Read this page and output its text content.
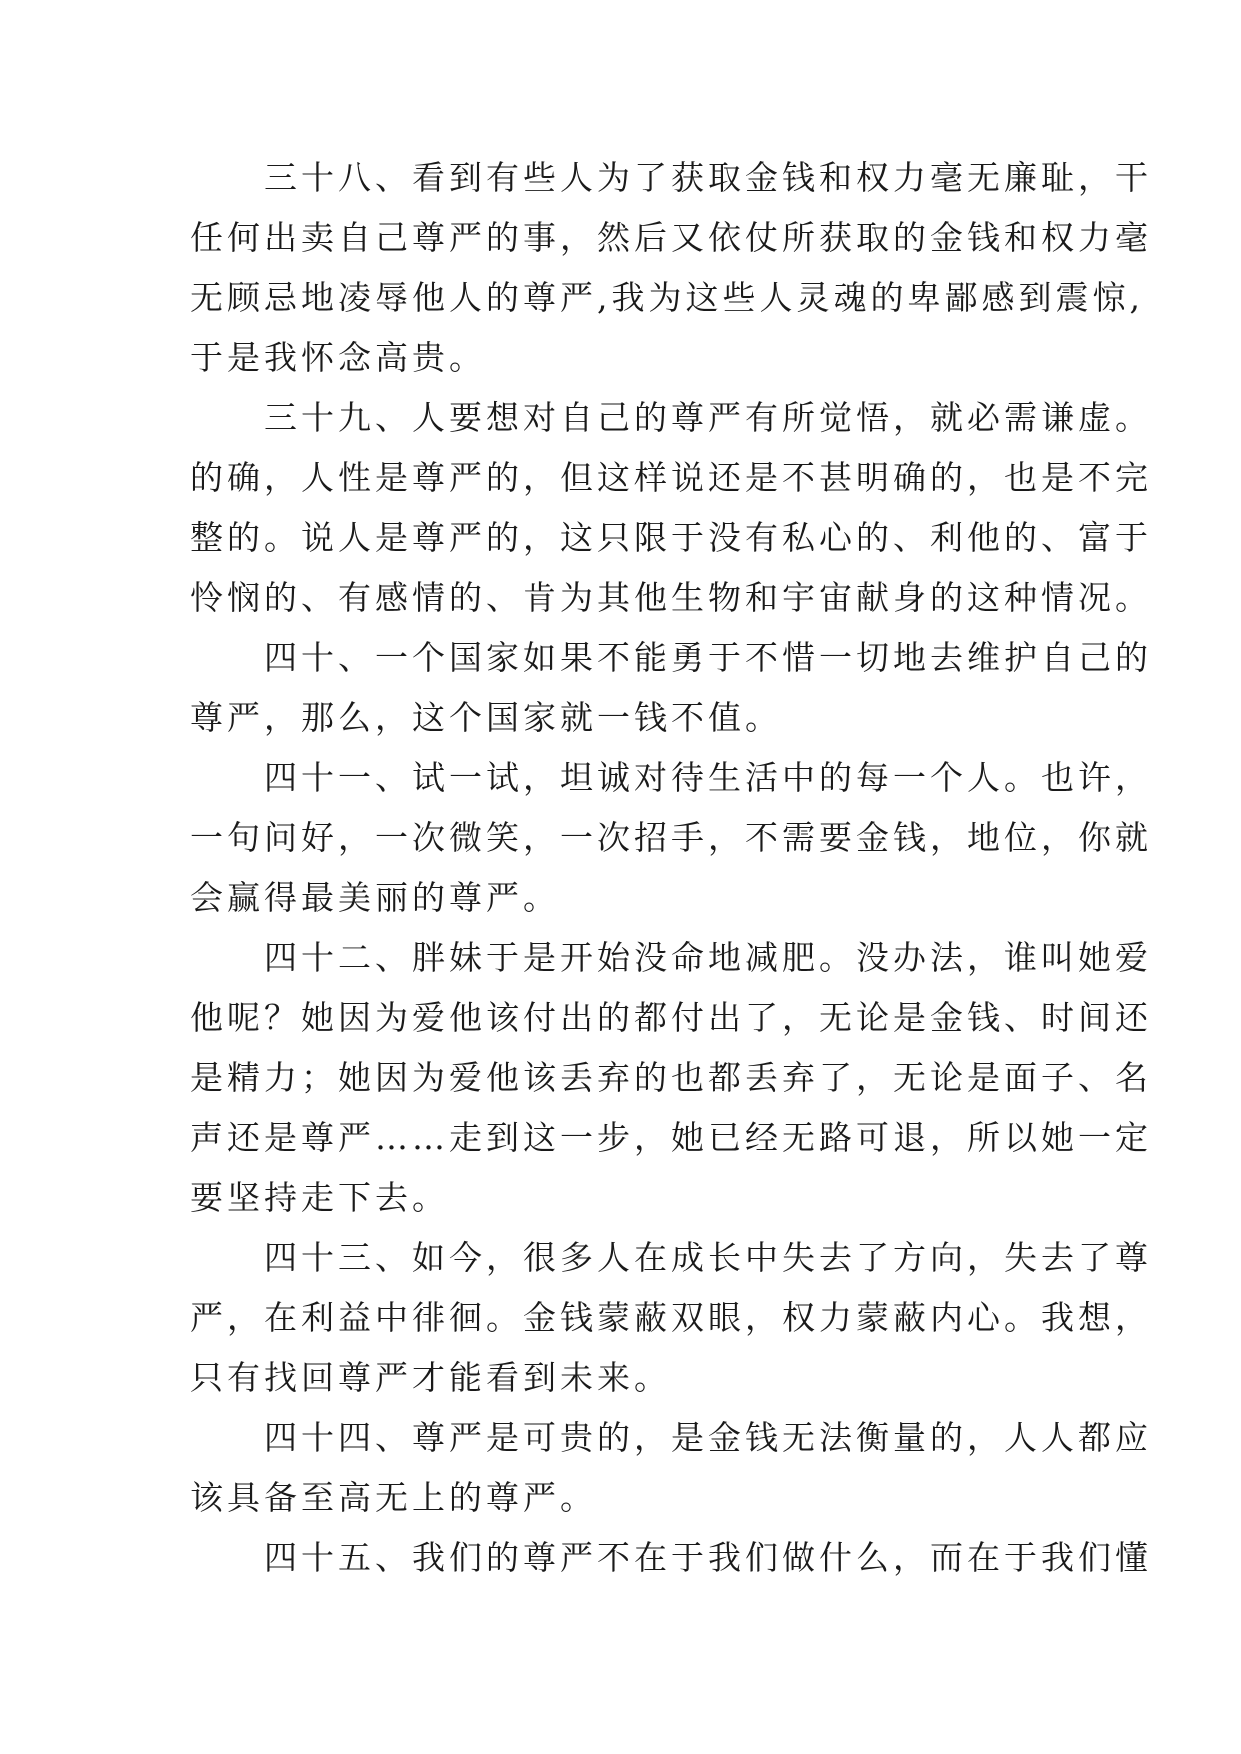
　　三十八、看到有些人为了获取金钱和权力毫无廉耻，干
任何出卖自己尊严的事，然后又依仗所获取的金钱和权力毫
无顾忌地凌辱他人的尊严,我为这些人灵魂的卑鄙感到震惊,
于是我怀念高贵。
　　三十九、人要想对自己的尊严有所觉悟，就必需谦虚。
的确，人性是尊严的，但这样说还是不甚明确的，也是不完
整的。说人是尊严的，这只限于没有私心的、利他的、富于
怜悯的、有感情的、肯为其他生物和宇宙献身的这种情况。
　　四十、一个国家如果不能勇于不惜一切地去维护自己的
尊严，那么，这个国家就一钱不值。
　　四十一、试一试，坦诚对待生活中的每一个人。也许，
一句问好，一次微笑，一次招手，不需要金钱，地位，你就
会赢得最美丽的尊严。
　　四十二、胖妹于是开始没命地减肥。没办法，谁叫她爱
他呢？她因为爱他该付出的都付出了，无论是金钱、时间还
是精力；她因为爱他该丢弃的也都丢弃了，无论是面子、名
声还是尊严……走到这一步，她已经无路可退，所以她一定
要坚持走下去。
　　四十三、如今，很多人在成长中失去了方向，失去了尊
严，在利益中徘徊。金钱蒙蔽双眼，权力蒙蔽内心。我想，
只有找回尊严才能看到未来。
　　四十四、尊严是可贵的，是金钱无法衡量的，人人都应
该具备至高无上的尊严。
　　四十五、我们的尊严不在于我们做什么，而在于我们懂
